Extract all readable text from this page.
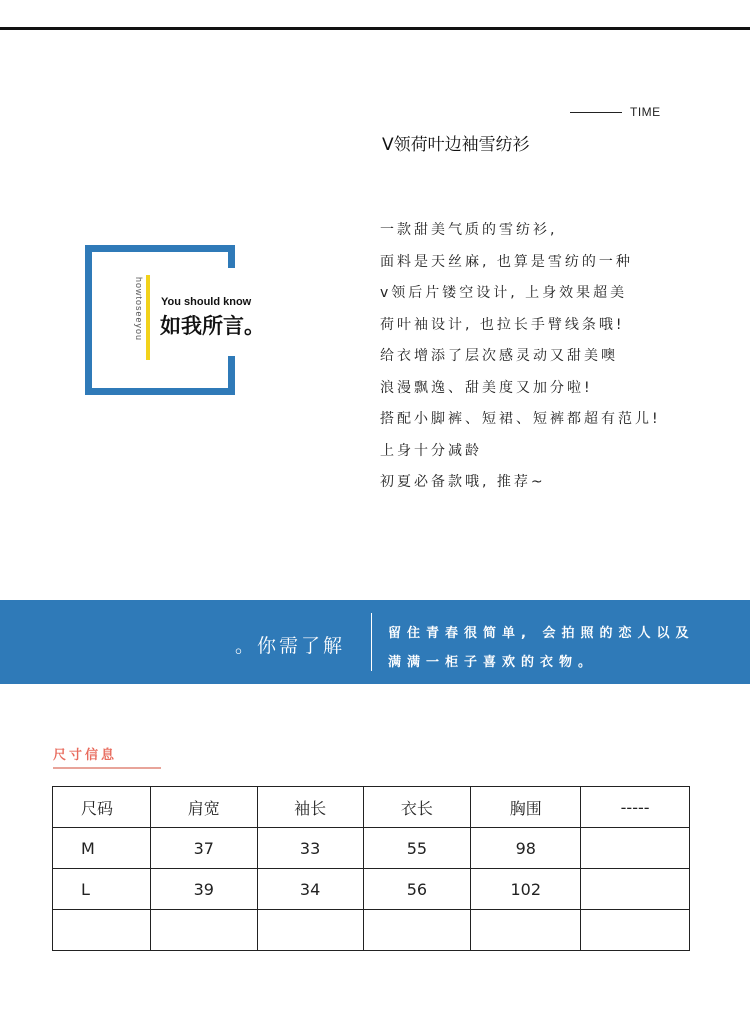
TIME
V领荷叶边袖雪纺衫
howtoseeyou You should know
如我所言。
一款甜美气质的雪纺衫,
面料是天丝麻, 也算是雪纺的一种
v领后片镂空设计, 上身效果超美
荷叶袖设计, 也拉长手臂线条哦!
给衣增添了层次感灵动又甜美噢
浪漫飘逸、甜美度又加分啦!
搭配小脚裤、短裙、短裤都超有范儿!
上身十分减龄
初夏必备款哦, 推荐~
。你需了解
留住青春很简单, 会拍照的恋人以及
满满一柜子喜欢的衣物。
尺寸信息
尺码	肩宽	袖长	衣长	胸围	-----
M	37	33	55	98	
L	39	34	56	102	
